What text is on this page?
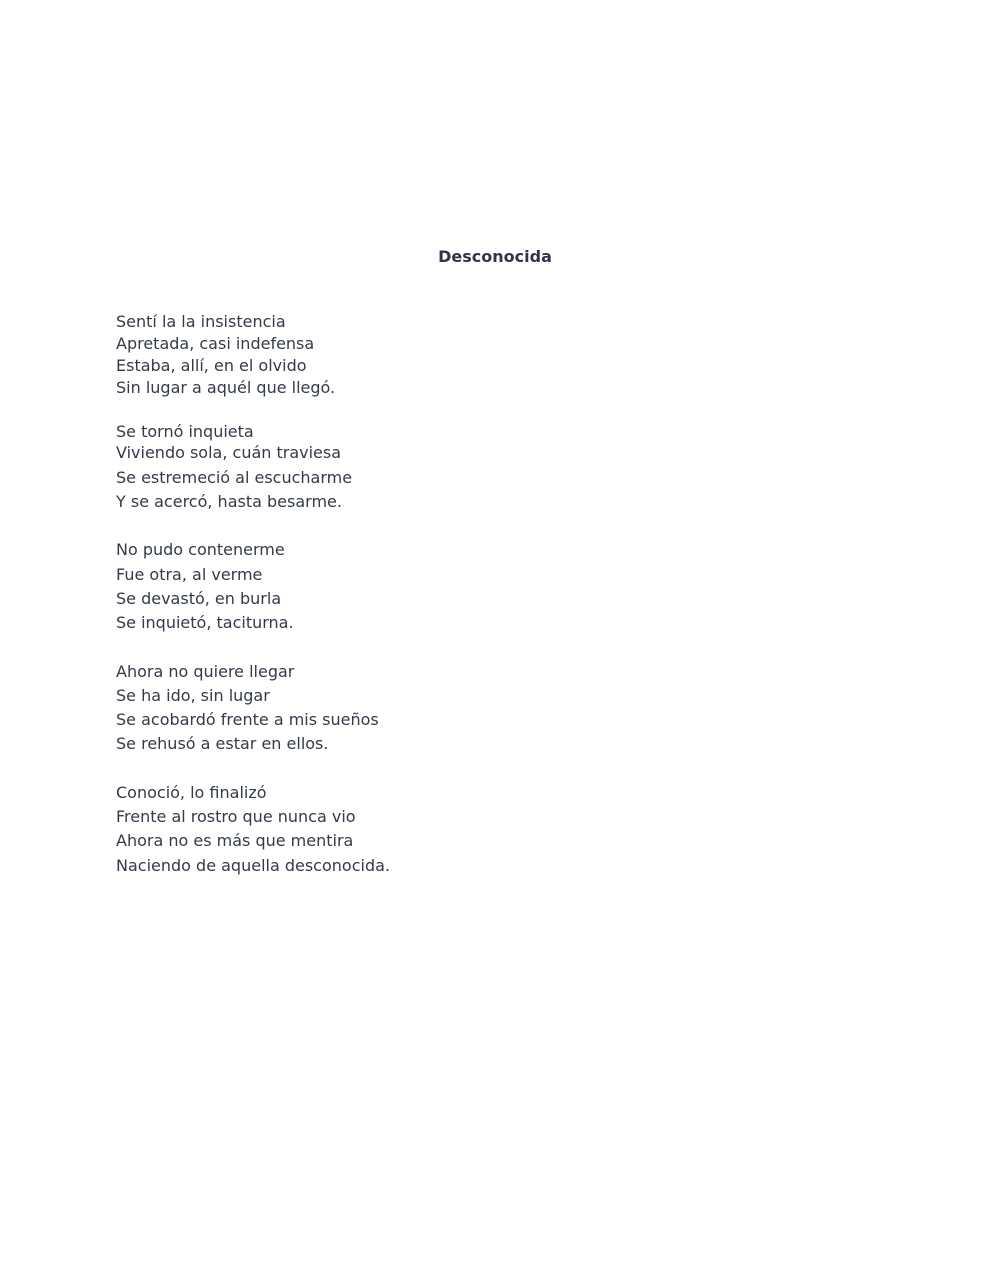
Desconocida
Sentí la la insistencia
Apretada, casi indefensa
Estaba, allí, en el olvido
Sin lugar a aquél que llegó.
Se tornó inquieta
Viviendo sola, cuán traviesa
Se estremeció al escucharme
Y se acercó, hasta besarme.
No pudo contenerme
Fue otra, al verme
Se devastó, en burla
Se inquietó, taciturna.
Ahora no quiere llegar
Se ha ido, sin lugar
Se acobardó frente a mis sueños
Se rehusó a estar en ellos.
Conoció, lo finalizó
Frente al rostro que nunca vio
Ahora no es más que mentira
Naciendo de aquella desconocida.
